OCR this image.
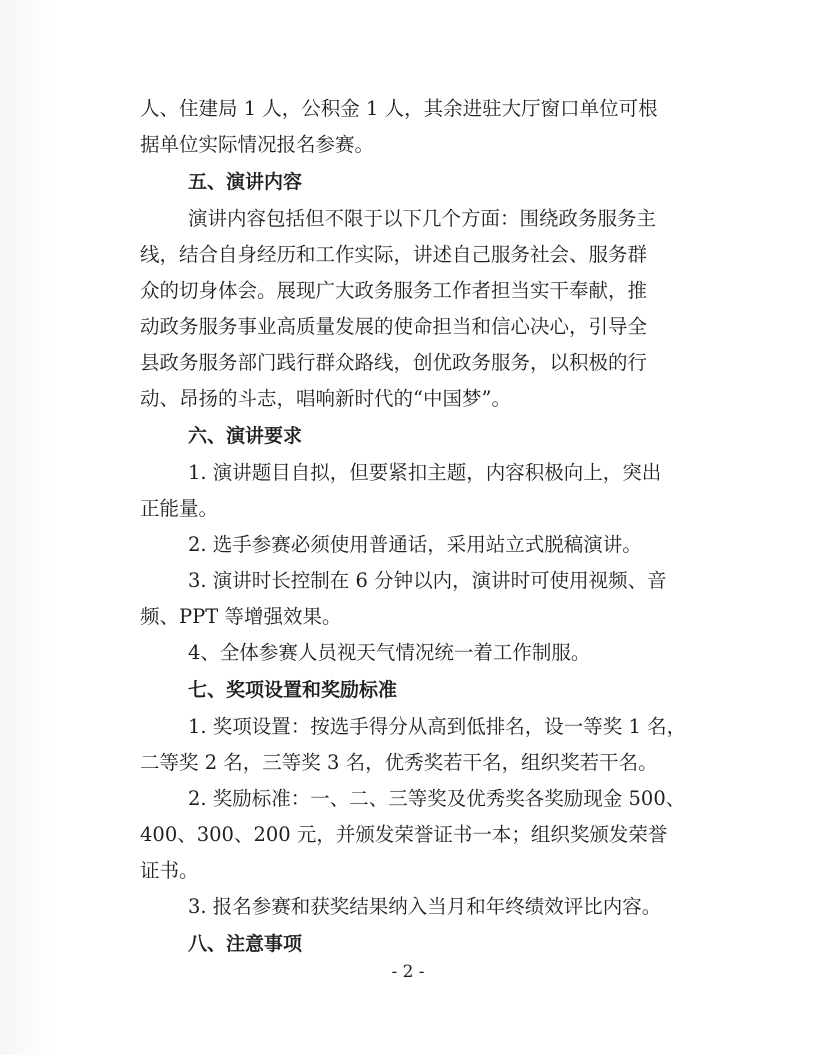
人、住建局 1 人，公积金 1 人，其余进驻大厅窗口单位可根
据单位实际情况报名参赛。
五、演讲内容
演讲内容包括但不限于以下几个方面：围绕政务服务主
线，结合自身经历和工作实际，讲述自己服务社会、服务群
众的切身体会。展现广大政务服务工作者担当实干奉献，推
动政务服务事业高质量发展的使命担当和信心决心，引导全
县政务服务部门践行群众路线，创优政务服务，以积极的行
动、昂扬的斗志，唱响新时代的“中国梦”。
六、演讲要求
1. 演讲题目自拟，但要紧扣主题，内容积极向上，突出
正能量。
2. 选手参赛必须使用普通话，采用站立式脱稿演讲。
3. 演讲时长控制在 6 分钟以内，演讲时可使用视频、音
频、PPT 等增强效果。
4、全体参赛人员视天气情况统一着工作制服。
七、奖项设置和奖励标准
1. 奖项设置：按选手得分从高到低排名，设一等奖 1 名，
二等奖 2 名，三等奖 3 名，优秀奖若干名，组织奖若干名。
2. 奖励标准：一、二、三等奖及优秀奖各奖励现金 500、
400、300、200 元，并颁发荣誉证书一本；组织奖颁发荣誉
证书。
3. 报名参赛和获奖结果纳入当月和年终绩效评比内容。
八、注意事项
- 2 -
